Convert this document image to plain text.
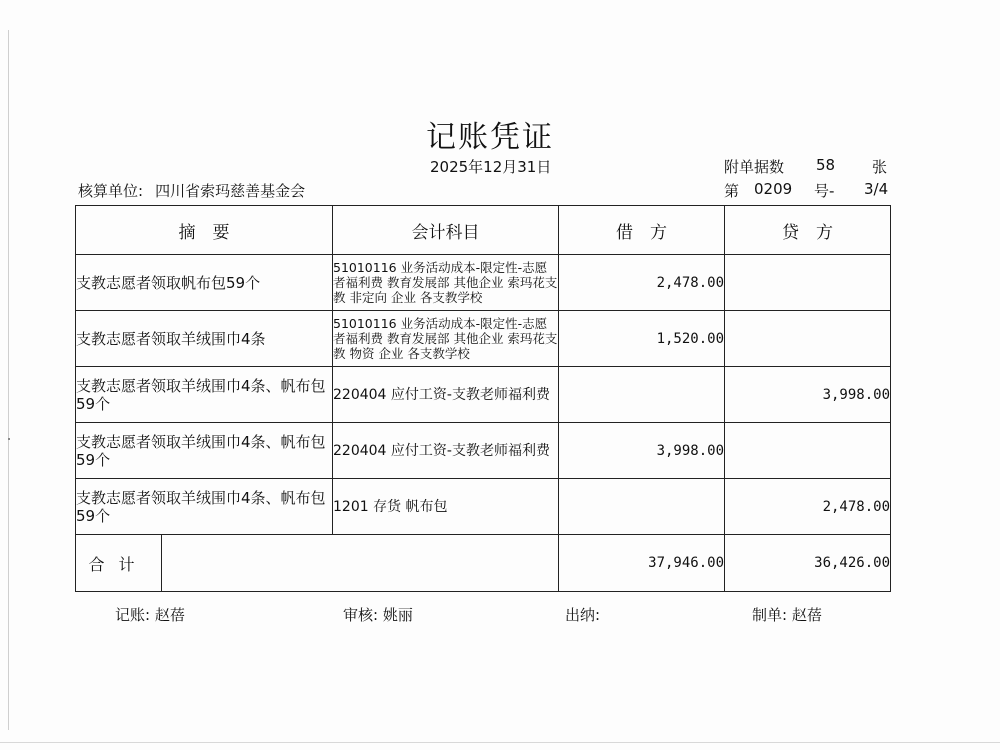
记账凭证
2025年12月31日	附单据数 58 张
核算单位: 四川省索玛慈善基金会	第 0209 号- 3/4
摘　要		会计科目	借　方	贷　方
支教志愿者领取帆布包59个		51010116 业务活动成本-限定性-志愿者福利费 教育发展部 其他企业 索玛花支教 非定向 企业 各支教学校	2,478.00	
支教志愿者领取羊绒围巾4条		51010116 业务活动成本-限定性-志愿者福利费 教育发展部 其他企业 索玛花支教 物资 企业 各支教学校	1,520.00	
支教志愿者领取羊绒围巾4条、帆布包59个		220404 应付工资-支教老师福利费		3,998.00
支教志愿者领取羊绒围巾4条、帆布包59个		220404 应付工资-支教老师福利费	3,998.00	
支教志愿者领取羊绒围巾4条、帆布包59个		1201 存货 帆布包		2,478.00
合计			37,946.00	36,426.00
记账: 赵蓓	审核: 姚丽	出纳:	制单: 赵蓓
